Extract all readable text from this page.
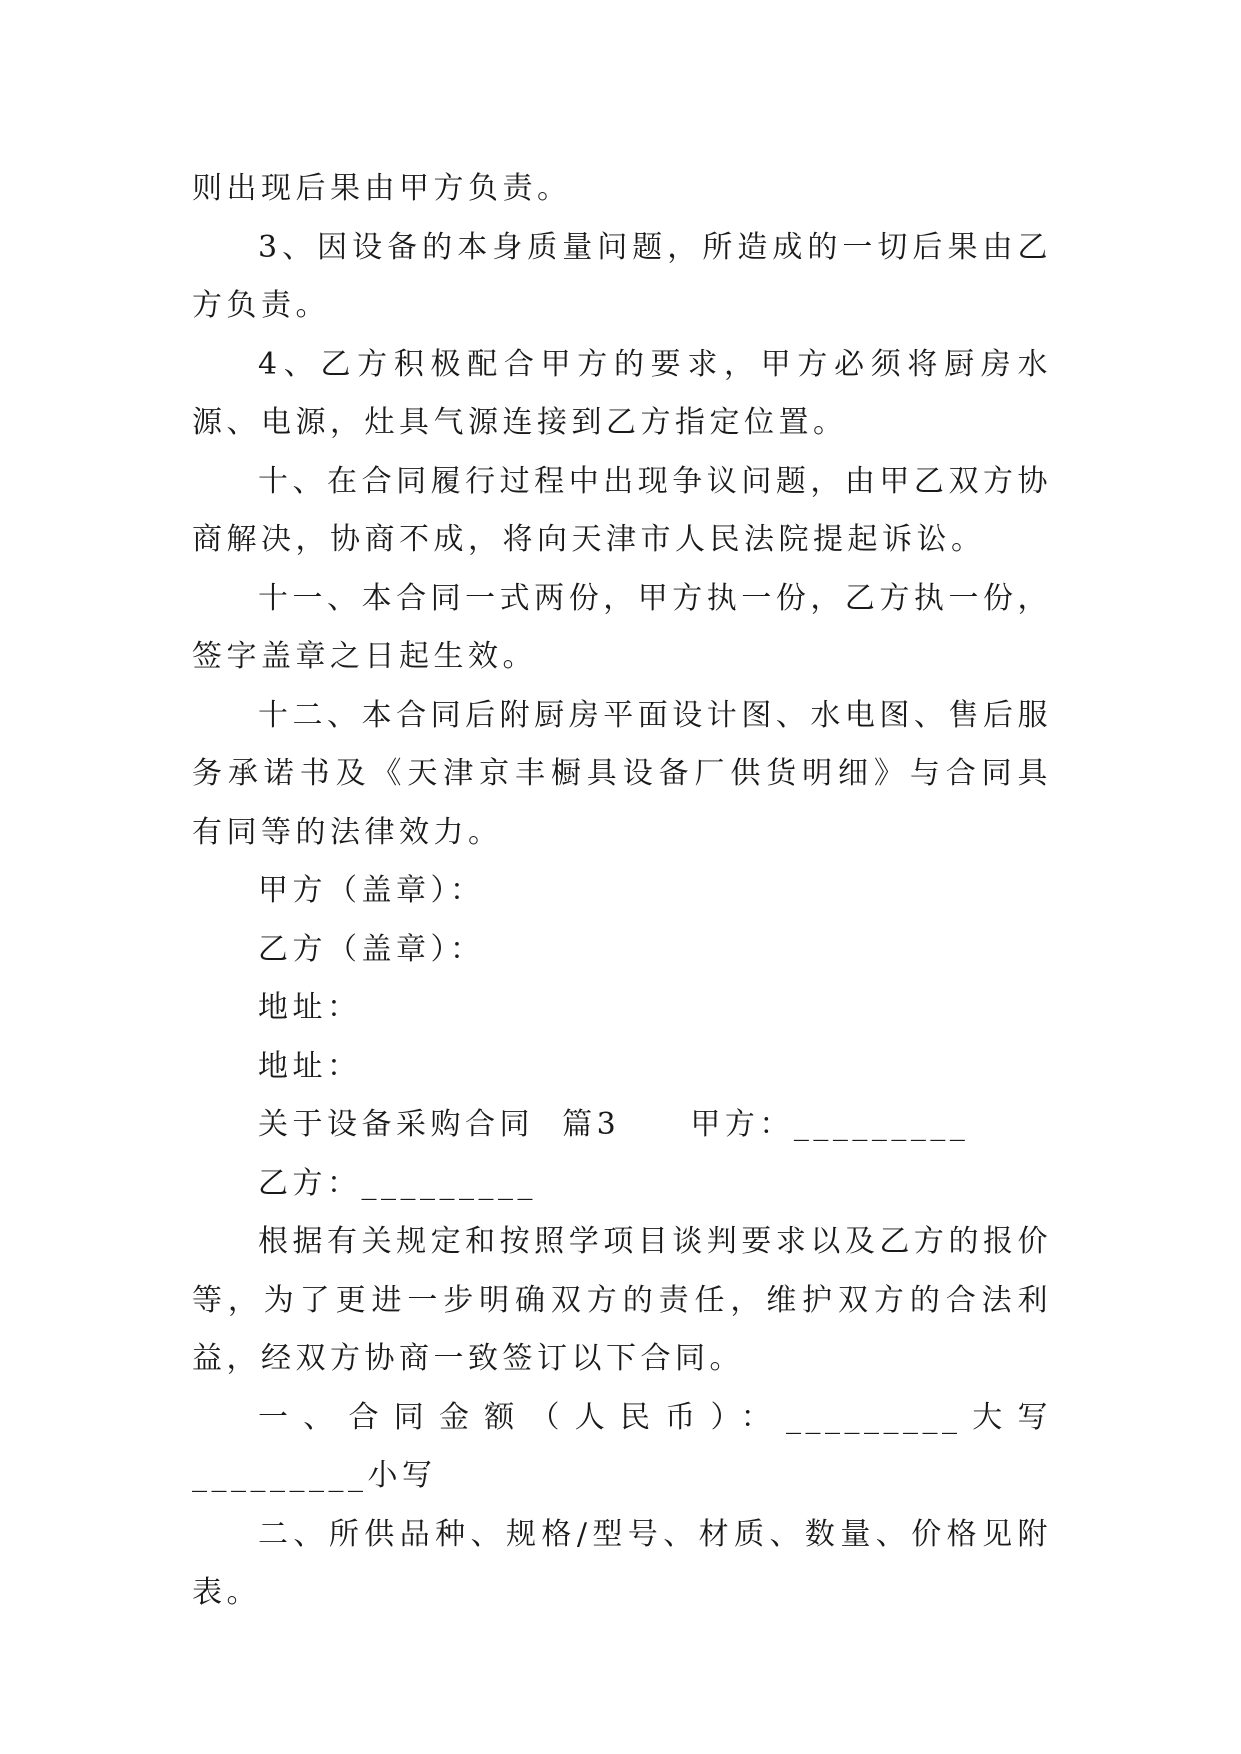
则出现后果由甲方负责。

3、因设备的本身质量问题，所造成的一切后果由乙方负责。

4、乙方积极配合甲方的要求，甲方必须将厨房水源、电源，灶具气源连接到乙方指定位置。

十、在合同履行过程中出现争议问题，由甲乙双方协商解决，协商不成，将向天津市人民法院提起诉讼。

十一、本合同一式两份，甲方执一份，乙方执一份，签字盖章之日起生效。

十二、本合同后附厨房平面设计图、水电图、售后服务承诺书及《天津京丰橱具设备厂供货明细》与合同具有同等的法律效力。

甲方（盖章）：
乙方（盖章）：
地址：
地址：
关于设备采购合同  篇3     甲方：_________
乙方：_________

根据有关规定和按照学项目谈判要求以及乙方的报价等，为了更进一步明确双方的责任，维护双方的合法利益，经双方协商一致签订以下合同。

一、合同金额（人民币）：_________大写_________小写

二、所供品种、规格/型号、材质、数量、价格见附表。
